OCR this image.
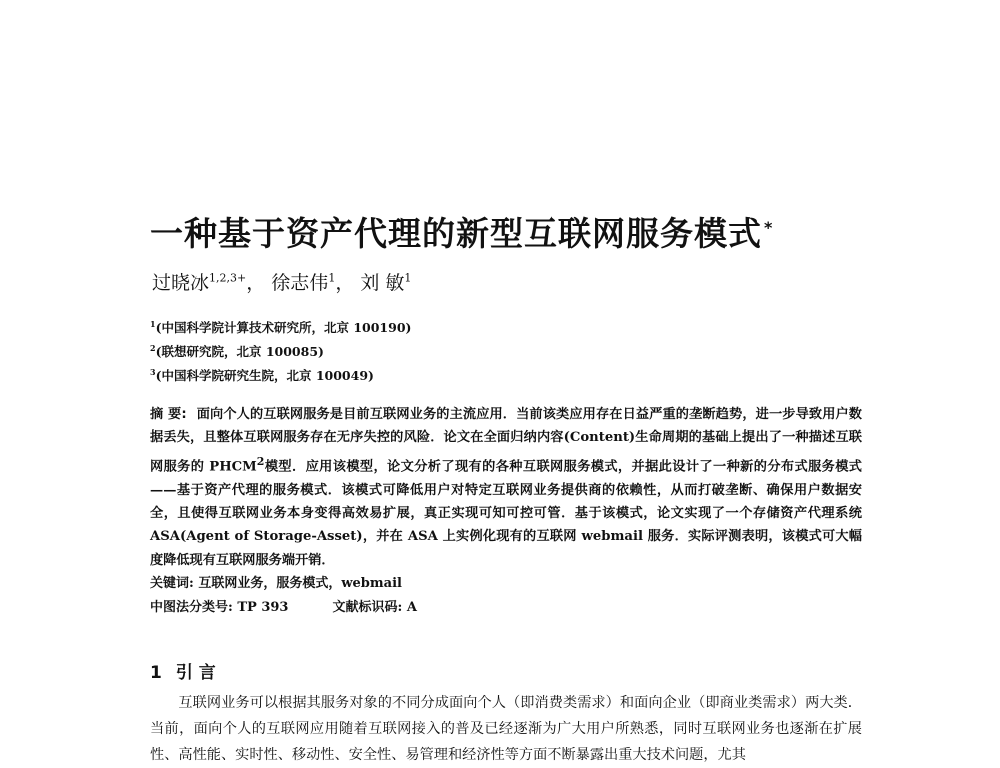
一种基于资产代理的新型互联网服务模式 *
过晓冰$^{1,2,3+}$， 徐志伟$^1$， 刘 敏$^1$
$^1$(中国科学院计算技术研究所，北京 100190)
$^2$(联想研究院，北京 100085)
$^3$(中国科学院研究生院，北京 100049)
摘 要: 面向个人的互联网服务是目前互联网业务的主流应用．当前该类应用存在日益严重的垄断趋势，进一步导致用户数据丢失，且整体互联网服务存在无序失控的风险．论文在全面归纳内容(Content)生命周期的基础上提出了一种描述互联网服务的 PHCM$^2$模型．应用该模型，论文分析了现有的各种互联网服务模式，并据此设计了一种新的分布式服务模式——基于资产代理的服务模式．该模式可降低用户对特定互联网业务提供商的依赖性，从而打破垄断、确保用户数据安全，且使得互联网业务本身变得高效易扩展，真正实现可知可控可管．基于该模式，论文实现了一个存储资产代理系统 ASA(Agent of Storage-Asset)，并在 ASA 上实例化现有的互联网 webmail 服务．实际评测表明，该模式可大幅度降低现有互联网服务端开销．
关键词: 互联网业务，服务模式，webmail
中图法分类号: TP 393	文献标识码: A
1 引 言

互联网业务可以根据其服务对象的不同分成面向个人（即消费类需求）和面向企业（即商业类需求）两大类．当前，面向个人的互联网应用随着互联网接入的普及已经逐渐为广大用户所熟悉，同时互联网业务也逐渐在扩展性、高性能、实时性、移动性、安全性、易管理和经济性等方面不断暴露出重大技术问题，尤其
